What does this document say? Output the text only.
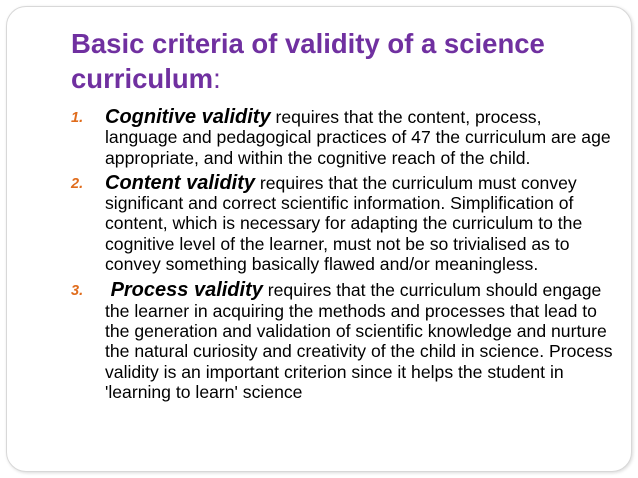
Basic criteria of validity of a science curriculum:
1. Cognitive validity requires that the content, process, language and pedagogical practices of 47 the curriculum are age appropriate, and within the cognitive reach of the child.
2. Content validity requires that the curriculum must convey significant and correct scientific information. Simplification of content, which is necessary for adapting the curriculum to the cognitive level of the learner, must not be so trivialised as to convey something basically flawed and/or meaningless.
3. Process validity requires that the curriculum should engage the learner in acquiring the methods and processes that lead to the generation and validation of scientific knowledge and nurture the natural curiosity and creativity of the child in science. Process validity is an important criterion since it helps the student in 'learning to learn' science
